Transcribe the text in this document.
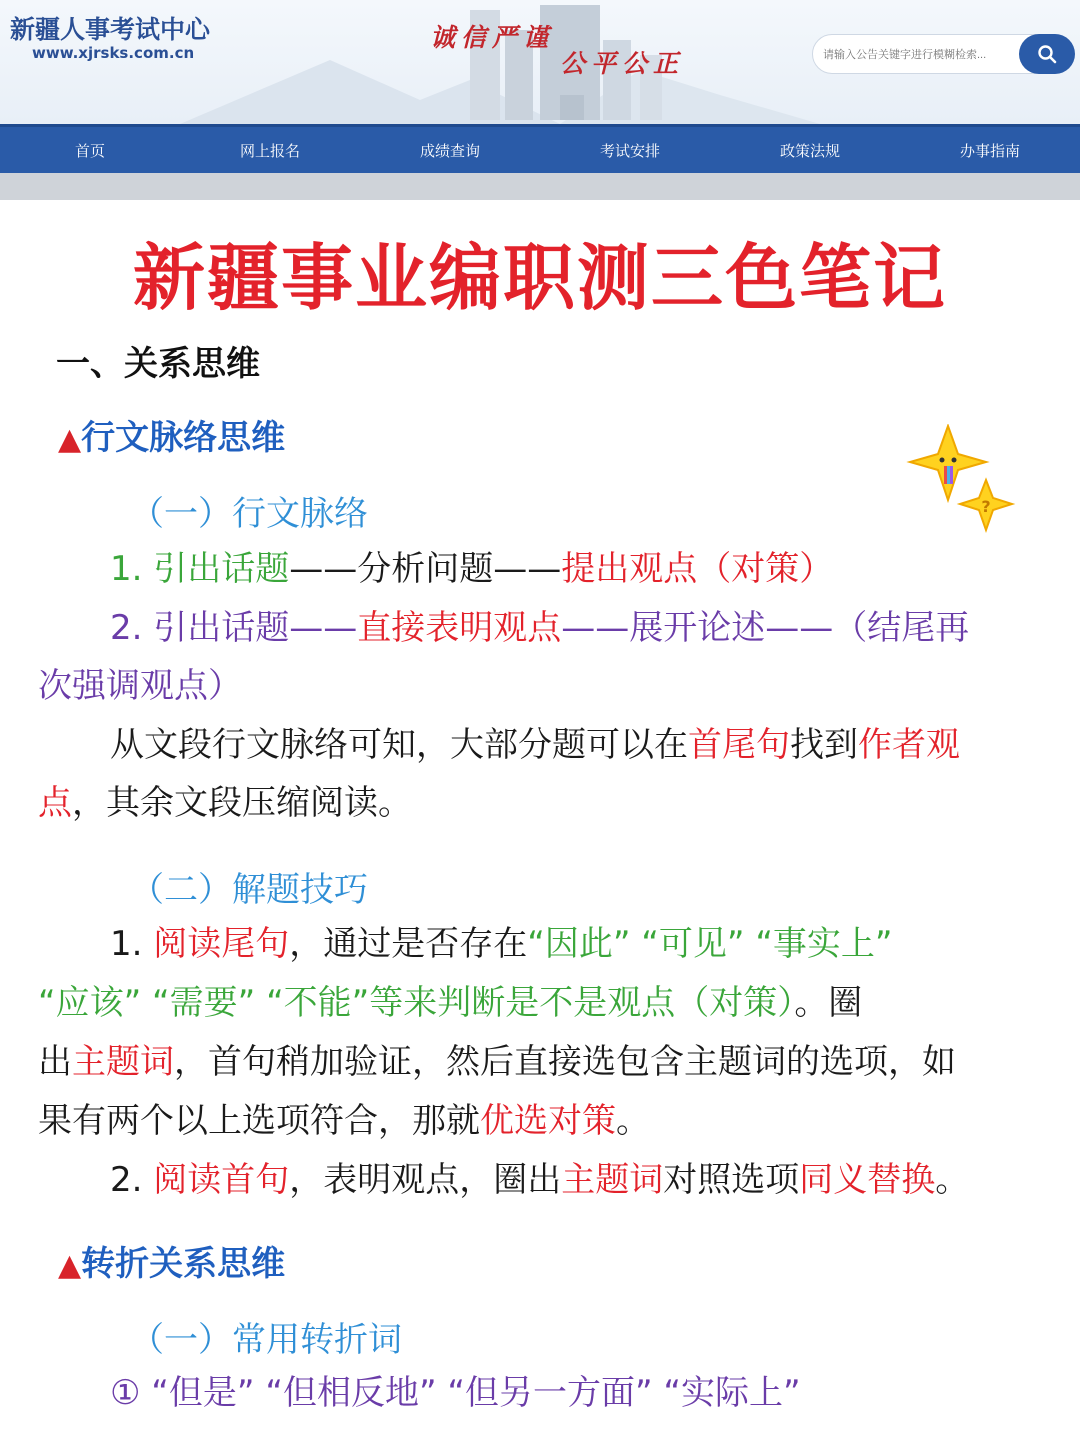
新疆人事考试中心
www.xjrsks.com.cn
诚信严谨
公平公正
请输入公告关键字进行模糊检索...
首页	网上报名	成绩查询	考试安排	政策法规	办事指南
新疆事业编职测三色笔记
一、关系思维
▲行文脉络思维
（一）行文脉络
1. 引出话题——分析问题——提出观点（对策）
2. 引出话题——直接表明观点——展开论述——（结尾再
次强调观点）
从文段行文脉络可知，大部分题可以在首尾句找到作者观
点，其余文段压缩阅读。
（二）解题技巧
1. 阅读尾句，通过是否存在“因此” “可见” “事实上”
“应该” “需要” “不能”等来判断是不是观点（对策）。圈
出主题词，首句稍加验证，然后直接选包含主题词的选项，如
果有两个以上选项符合，那就优选对策。
2. 阅读首句，表明观点，圈出主题词对照选项同义替换。
▲转折关系思维
（一）常用转折词
① “但是” “但相反地” “但另一方面” “实际上”
?
